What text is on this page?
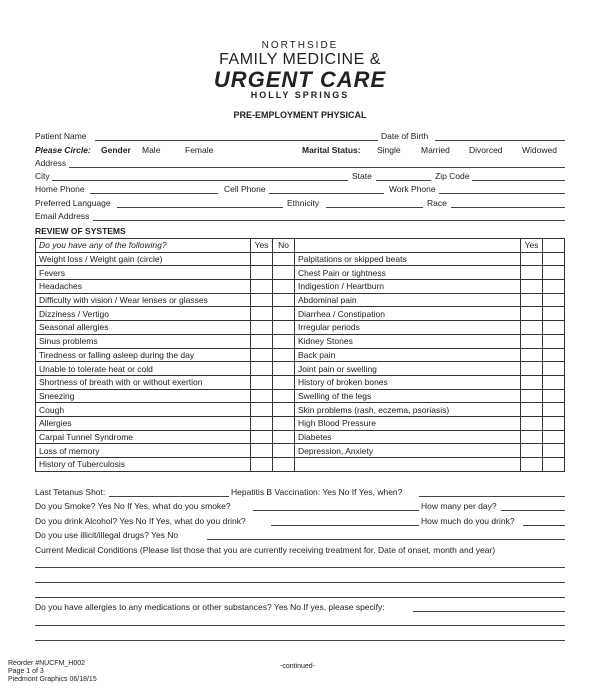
NORTHSIDE
FAMILY MEDICINE &
URGENT CARE
HOLLY SPRINGS
PRE-EMPLOYMENT PHYSICAL
Patient Name	Date of Birth
Please Circle: Gender Male	Female	Marital Status: Single Married Divorced Widowed
Address
City	State	Zip Code
Home Phone	Cell Phone	Work Phone
Preferred Language	Ethnicity	Race
Email Address
REVIEW OF SYSTEMS
Do you have any of the following?	Yes	No		Yes	
Weight loss / Weight gain (circle)			Palpitations or skipped beats		
Fevers			Chest Pain or tightness		
Headaches			Indigestion / Heartburn		
Difficulty with vision / Wear lenses or glasses			Abdominal pain		
Dizziness / Vertigo			Diarrhea / Constipation		
Seasonal allergies			Irregular periods		
Sinus problems			Kidney Stones		
Tiredness or falling asleep during the day			Back pain		
Unable to tolerate heat or cold			Joint pain or swelling		
Shortness of breath with or without exertion			History of broken bones		
Sneezing			Swelling of the legs		
Cough			Skin problems (rash, eczema, psoriasis)		
Allergies			High Blood Pressure		
Carpal Tunnel Syndrome			Diabetes		
Loss of memory			Depression, Anxiety		
History of Tuberculosis					
Last Tetanus Shot:	Hepatitis B Vaccination: Yes No If Yes, when?
Do you Smoke? Yes No If Yes, what do you smoke?	How many per day?
Do you drink Alcohol? Yes No If Yes, what do you drink?	How much do you drink?
Do you use illicit/illegal drugs? Yes No
Current Medical Conditions (Please list those that you are currently receiving treatment for. Date of onset, month and year)
Do you have allergies to any medications or other substances? Yes No If yes, please specify:
Reorder #NUCFM_H002
Page 1 of 3
Piedmont Graphics 06/18/15
-continued-
